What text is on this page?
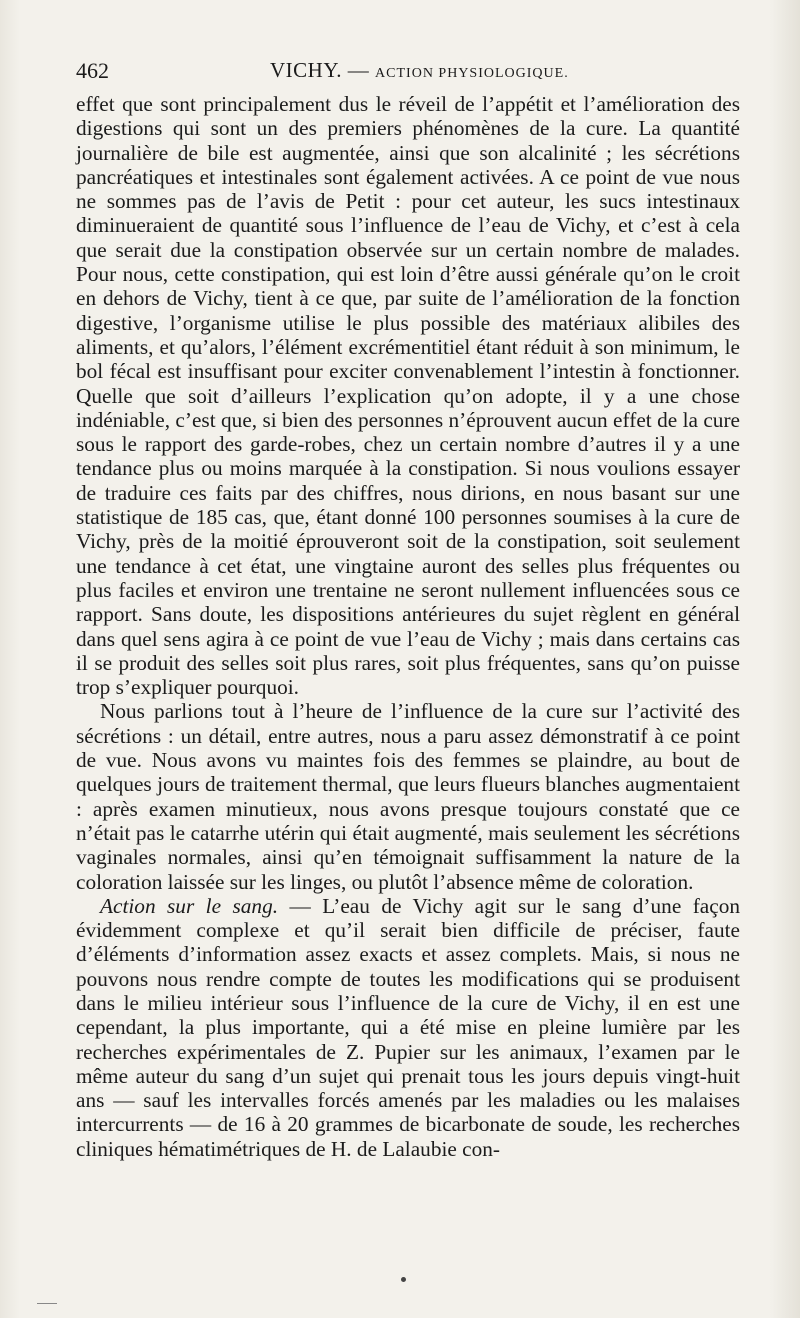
462	VICHY. — ACTION PHYSIOLOGIQUE.

effet que sont principalement dus le réveil de l’appétit et l’amélioration des digestions qui sont un des premiers phénomènes de la cure. La quantité journalière de bile est augmentée, ainsi que son alcalinité ; les sécrétions pancréatiques et intestinales sont également activées. A ce point de vue nous ne sommes pas de l’avis de Petit : pour cet auteur, les sucs intestinaux diminueraient de quantité sous l’influence de l’eau de Vichy, et c’est à cela que serait due la constipation observée sur un certain nombre de malades. Pour nous, cette constipation, qui est loin d’être aussi générale qu’on le croit en dehors de Vichy, tient à ce que, par suite de l’amélioration de la fonction digestive, l’organisme utilise le plus possible des matériaux alibiles des aliments, et qu’alors, l’élément excrémentitiel étant réduit à son minimum, le bol fécal est insuffisant pour exciter convenablement l’intestin à fonctionner. Quelle que soit d’ailleurs l’explication qu’on adopte, il y a une chose indéniable, c’est que, si bien des personnes n’éprouvent aucun effet de la cure sous le rapport des garde-robes, chez un certain nombre d’autres il y a une tendance plus ou moins marquée à la constipation. Si nous voulions essayer de traduire ces faits par des chiffres, nous dirions, en nous basant sur une statistique de 185 cas, que, étant donné 100 personnes soumises à la cure de Vichy, près de la moitié éprouveront soit de la constipation, soit seulement une tendance à cet état, une vingtaine auront des selles plus fréquentes ou plus faciles et environ une trentaine ne seront nullement influencées sous ce rapport. Sans doute, les dispositions antérieures du sujet règlent en général dans quel sens agira à ce point de vue l’eau de Vichy ; mais dans certains cas il se produit des selles soit plus rares, soit plus fréquentes, sans qu’on puisse trop s’expliquer pourquoi.

Nous parlions tout à l’heure de l’influence de la cure sur l’activité des sécrétions : un détail, entre autres, nous a paru assez démonstratif à ce point de vue. Nous avons vu maintes fois des femmes se plaindre, au bout de quelques jours de traitement thermal, que leurs flueurs blanches augmentaient : après examen minutieux, nous avons presque toujours constaté que ce n’était pas le catarrhe utérin qui était augmenté, mais seulement les sécrétions vaginales normales, ainsi qu’en témoignait suffisamment la nature de la coloration laissée sur les linges, ou plutôt l’absence même de coloration.

Action sur le sang. — L’eau de Vichy agit sur le sang d’une façon évidemment complexe et qu’il serait bien difficile de préciser, faute d’éléments d’information assez exacts et assez complets. Mais, si nous ne pouvons nous rendre compte de toutes les modifications qui se produisent dans le milieu intérieur sous l’influence de la cure de Vichy, il en est une cependant, la plus importante, qui a été mise en pleine lumière par les recherches expérimentales de Z. Pupier sur les animaux, l’examen par le même auteur du sang d’un sujet qui prenait tous les jours depuis vingt-huit ans — sauf les intervalles forcés amenés par les maladies ou les malaises intercurrents — de 16 à 20 grammes de bicarbonate de soude, les recherches cliniques hématimétriques de H. de Lalaubie con-
